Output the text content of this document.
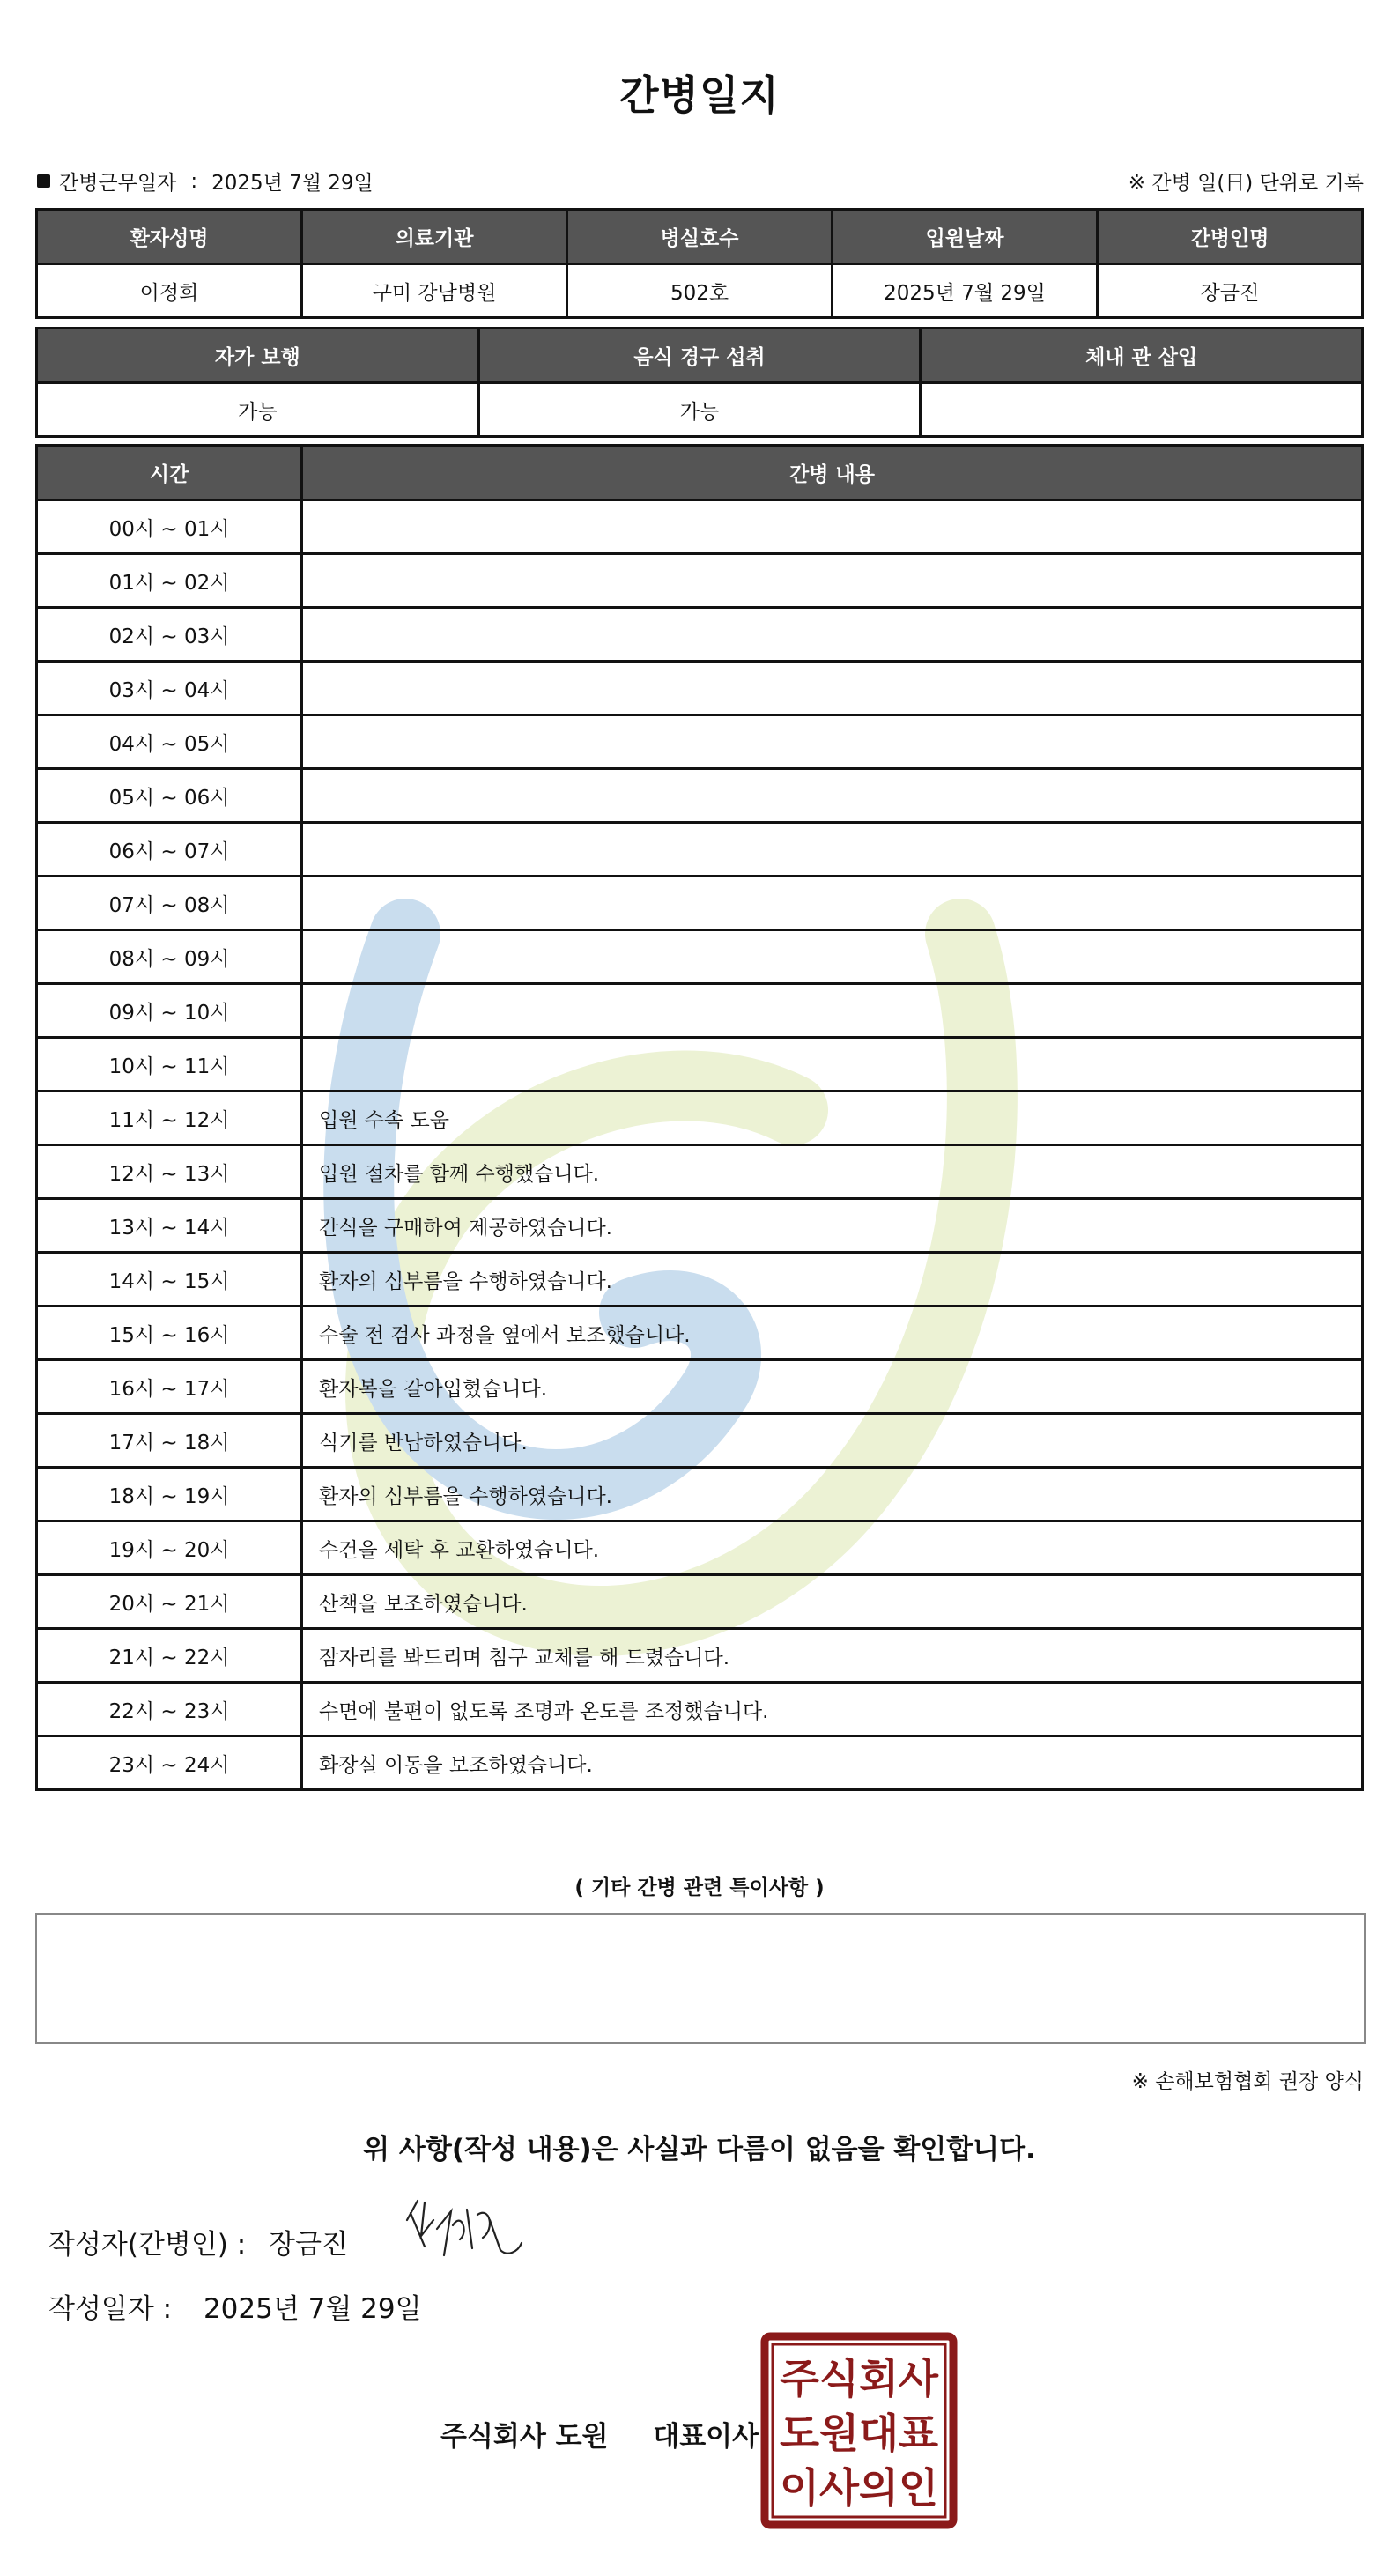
간병일지
간병근무일자 : 2025년 7월 29일	※ 간병 일(日) 단위로 기록
환자성명	의료기관	병실호수	입원날짜	간병인명
이정희	구미 강남병원	502호	2025년 7월 29일	장금진
자가 보행	음식 경구 섭취	체내 관 삽입
가능	가능	
시간	간병 내용
00시 ~ 01시	
01시 ~ 02시	
02시 ~ 03시	
03시 ~ 04시	
04시 ~ 05시	
05시 ~ 06시	
06시 ~ 07시	
07시 ~ 08시	
08시 ~ 09시	
09시 ~ 10시	
10시 ~ 11시	
11시 ~ 12시	입원 수속 도움
12시 ~ 13시	입원 절차를 함께 수행했습니다.
13시 ~ 14시	간식을 구매하여 제공하였습니다.
14시 ~ 15시	환자의 심부름을 수행하였습니다.
15시 ~ 16시	수술 전 검사 과정을 옆에서 보조했습니다.
16시 ~ 17시	환자복을 갈아입혔습니다.
17시 ~ 18시	식기를 반납하였습니다.
18시 ~ 19시	환자의 심부름을 수행하였습니다.
19시 ~ 20시	수건을 세탁 후 교환하였습니다.
20시 ~ 21시	산책을 보조하였습니다.
21시 ~ 22시	잠자리를 봐드리며 침구 교체를 해 드렸습니다.
22시 ~ 23시	수면에 불편이 없도록 조명과 온도를 조정했습니다.
23시 ~ 24시	화장실 이동을 보조하였습니다.
( 기타 간병 관련 특이사항 )
※ 손해보험협회 권장 양식
위 사항(작성 내용)은 사실과 다름이 없음을 확인합니다.
작성자(간병인) : 장금진
작성일자 : 2025년 7월 29일
주식회사 도원 대표이사
주식회사
도원대표
이사의인
